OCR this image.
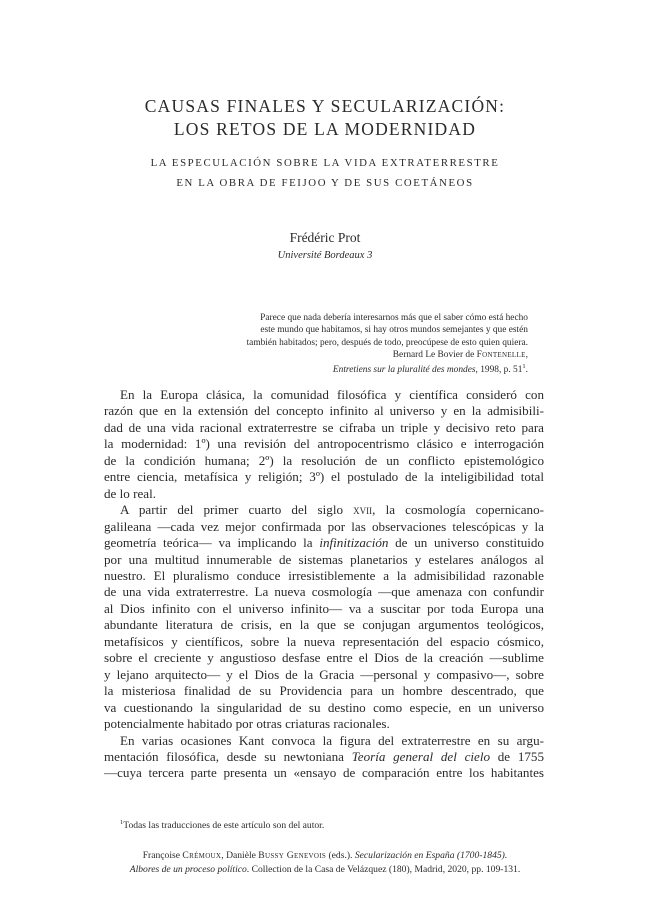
CAUSAS FINALES Y SECULARIZACIÓN:
LOS RETOS DE LA MODERNIDAD
LA ESPECULACIÓN SOBRE LA VIDA EXTRATERRESTRE
EN LA OBRA DE FEIJOO Y DE SUS COETÁNEOS
Frédéric Prot
Université Bordeaux 3
Parece que nada debería interesarnos más que el saber cómo está hecho
este mundo que habitamos, si hay otros mundos semejantes y que estén
también habitados; pero, después de todo, preocúpese de esto quien quiera.
Bernard Le Bovier de Fontenelle,
Entretiens sur la pluralité des mondes, 1998, p. $51^1$.
En la Europa clásica, la comunidad filosófica y científica consideró con
razón que en la extensión del concepto infinito al universo y en la admisibili-
dad de una vida racional extraterrestre se cifraba un triple y decisivo reto para
la modernidad: 1º) una revisión del antropocentrismo clásico e interrogación
de la condición humana; 2º) la resolución de un conflicto epistemológico
entre ciencia, metafísica y religión; 3º) el postulado de la inteligibilidad total
de lo real.
A partir del primer cuarto del siglo xvii, la cosmología copernicano-
galileana —cada vez mejor confirmada por las observaciones telescópicas y la
geometría teórica— va implicando la infinitización de un universo constituido
por una multitud innumerable de sistemas planetarios y estelares análogos al
nuestro. El pluralismo conduce irresistiblemente a la admisibilidad razonable
de una vida extraterrestre. La nueva cosmología —que amenaza con confundir
al Dios infinito con el universo infinito— va a suscitar por toda Europa una
abundante literatura de crisis, en la que se conjugan argumentos teológicos,
metafísicos y científicos, sobre la nueva representación del espacio cósmico,
sobre el creciente y angustioso desfase entre el Dios de la creación —sublime
y lejano arquitecto— y el Dios de la Gracia —personal y compasivo—, sobre
la misteriosa finalidad de su Providencia para un hombre descentrado, que
va cuestionando la singularidad de su destino como especie, en un universo
potencialmente habitado por otras criaturas racionales.
En varias ocasiones Kant convoca la figura del extraterrestre en su argu-
mentación filosófica, desde su newtoniana Teoría general del cielo de 1755
—cuya tercera parte presenta un «ensayo de comparación entre los habitantes
$^1$Todas las traducciones de este artículo son del autor.
Françoise Crémoux, Danièle Bussy Genevois (eds.). Secularización en España (1700-1845).
Albores de un proceso político. Collection de la Casa de Velázquez (180), Madrid, 2020, pp. 109-131.
